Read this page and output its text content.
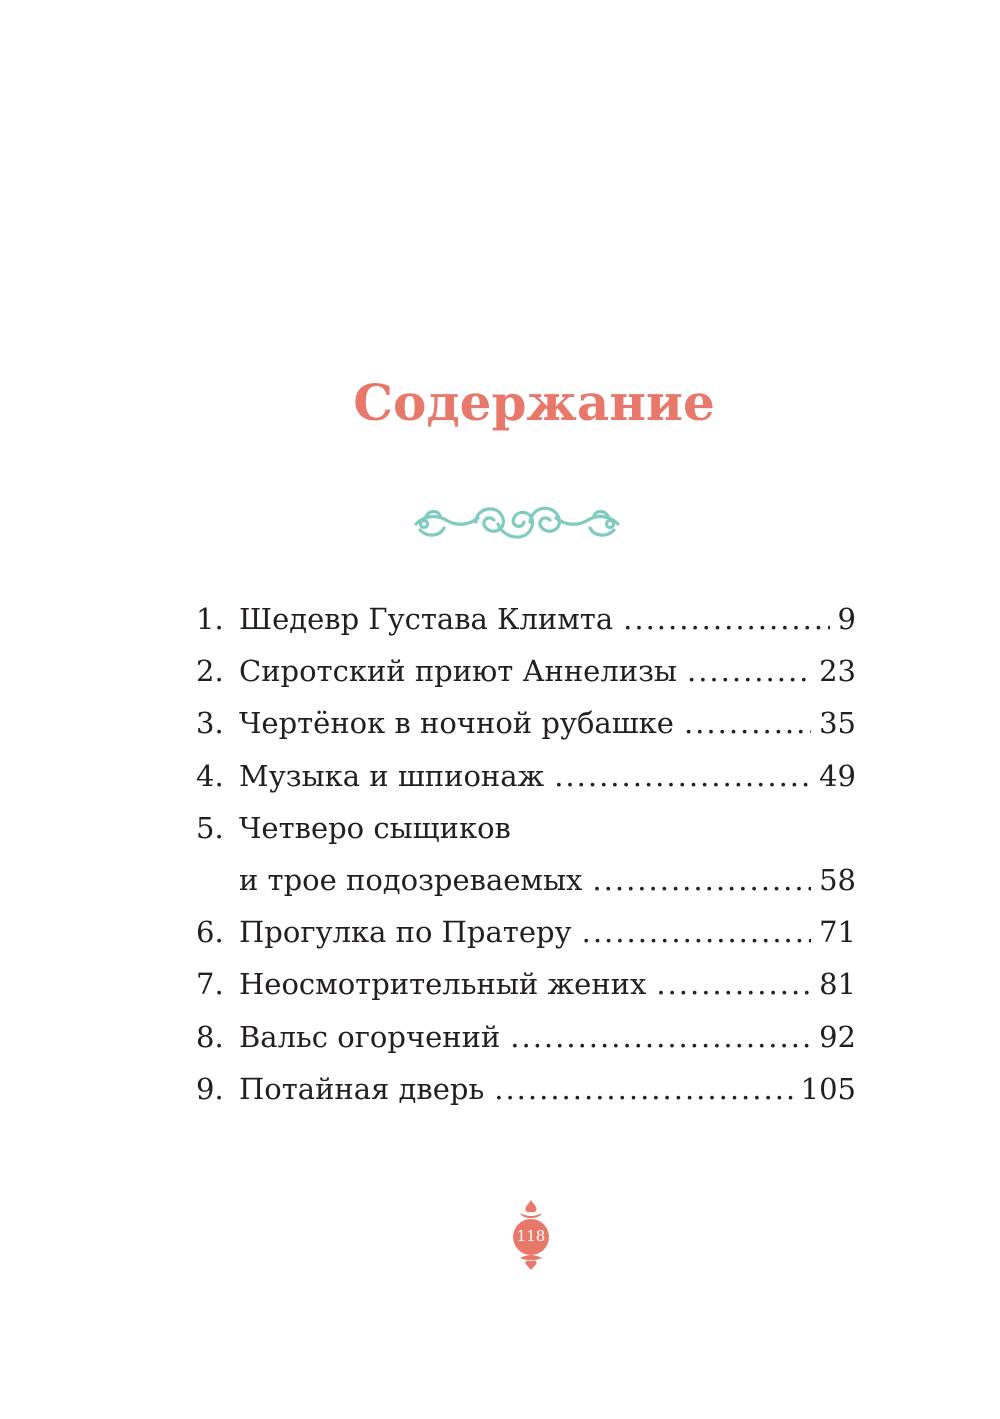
Содержание
1. Шедевр Густава Климта .....	9
2. Сиротский приют Аннелизы .....	23
3. Чертёнок в ночной рубашке .....	35
4. Музыка и шпионаж .....	49
5. Четверо сыщиков
и трое подозреваемых .....	58
6. Прогулка по Пратеру .....	71
7. Неосмотрительный жених .....	81
8. Вальс огорчений .....	92
9. Потайная дверь .....	105
118
